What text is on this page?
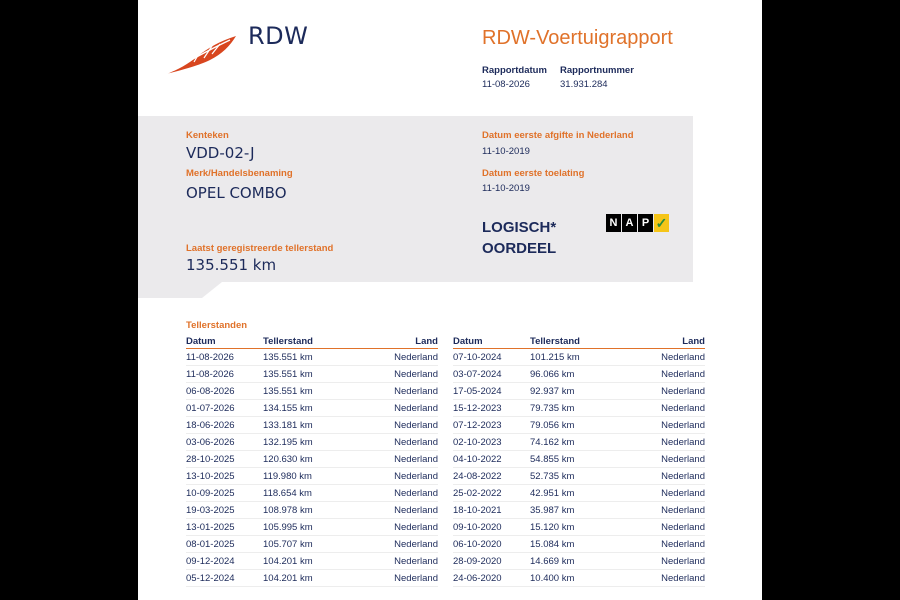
RDW	RDW-Voertuigrapport
Rapportdatum Rapportnummer
11-08-2026	31.931.284
Kenteken
VDD-02-J
Merk/Handelsbenaming
OPEL COMBO
Laatst geregistreerde tellerstand
135.551 km
Datum eerste afgifte in Nederland
11-10-2019
Datum eerste toelating
11-10-2019
LOGISCH*
OORDEEL
N A P ✓
Tellerstanden
Datum	Tellerstand	Land
11-08-2026	135.551 km	Nederland
11-08-2026	135.551 km	Nederland
06-08-2026	135.551 km	Nederland
01-07-2026	134.155 km	Nederland
18-06-2026	133.181 km	Nederland
03-06-2026	132.195 km	Nederland
28-10-2025	120.630 km	Nederland
13-10-2025	119.980 km	Nederland
10-09-2025	118.654 km	Nederland
19-03-2025	108.978 km	Nederland
13-01-2025	105.995 km	Nederland
08-01-2025	105.707 km	Nederland
09-12-2024	104.201 km	Nederland
05-12-2024	104.201 km	Nederland
Datum	Tellerstand	Land
07-10-2024	101.215 km	Nederland
03-07-2024	96.066 km	Nederland
17-05-2024	92.937 km	Nederland
15-12-2023	79.735 km	Nederland
07-12-2023	79.056 km	Nederland
02-10-2023	74.162 km	Nederland
04-10-2022	54.855 km	Nederland
24-08-2022	52.735 km	Nederland
25-02-2022	42.951 km	Nederland
18-10-2021	35.987 km	Nederland
09-10-2020	15.120 km	Nederland
06-10-2020	15.084 km	Nederland
28-09-2020	14.669 km	Nederland
24-06-2020	10.400 km	Nederland
